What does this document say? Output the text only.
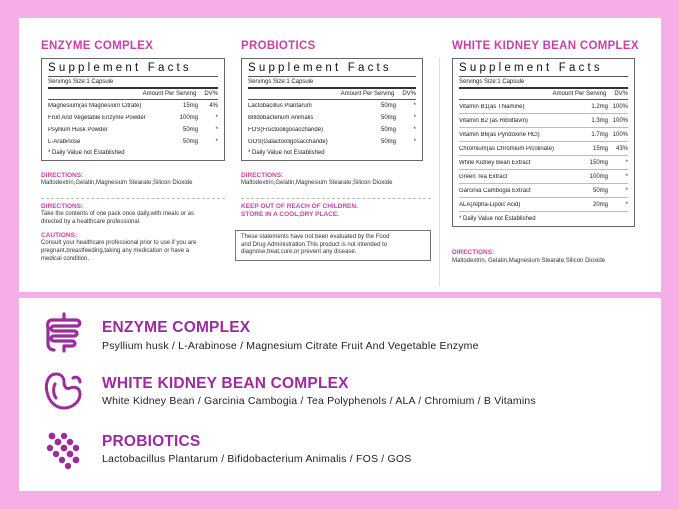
ENZYME COMPLEX
Supplement Facts
Servings Size:1 Capsule
Amount Per Serving DV%
Magnesium(as Magnesium Citrate)	15mg	4%
Fruit And Vegetable Enzyme Powder	100mg	*
Psyllium Husk Powder	50mg	*
L-Arabinose	50mg	*
* Daily Value not Established
DIRECTIONS:
Maltodextrin,Gelatin,Magnesium Stearate,Silicon Dioxide
PROBIOTICS
Supplement Facts
Servings Size:1 Capsule
Amount Per Serving DV%
Lactobacillus Plantarum	50mg	*
Bifidobacterium Animalis	50mg	*
FOS(Fructooligosaccharide)	50mg	*
GOS(Galactooligosaccharide)	50mg	*
* Daily Value not Established
DIRECTIONS:
Maltodextrin,Gelatin,Magnesium Stearate,Silicon Dioxide
DIRECTIONS:
Take the contents of one pack once daily,with meals or as
directed by a healthcare professional.
CAUTIONS:
Consult your healthcare professional prior to use if you are
pregnant,breastfeeding,taking any medication or have a
medical condition.
KEEP OUT OF REACH OF CHILDREN.
STORE IN A COOL,DRY PLACE.
These statements have not been evaluated by the Food
and Drug Administration.This product is not intended to
diagnose,treat,cure,or prevent any disease.
WHITE KIDNEY BEAN COMPLEX
Supplement Facts
Servings Size:1 Capsule
Amount Per Serving DV%
Vitamin B1(as Thiamine)	1.2mg 100%
Vitamin B2 (as Riboflavin)	1.3mg 100%
Vitamin B6(as Pyridoxine HCl)	1.7mg 100%
Chromium(as Chromium Picolinate)	15mg	43%
White Kidney Bean Extract	150mg	*
Green Tea Extract	100mg	*
Garcinia Cambogia Extract	50mg	*
ALA(Alpha-Lipoic Acid)	20mg	*
* Daily Value not Established
DIRECTIONS:
Maltodextrin, Gelatin,Magnesium Stearate,Silicon Dioxide
ENZYME COMPLEX
Psyllium husk / L-Arabinose / Magnesium Citrate Fruit And Vegetable Enzyme
WHITE KIDNEY BEAN COMPLEX
White Kidney Bean / Garcinia Cambogia / Tea Polyphenols / ALA / Chromium / B Vitamins
PROBIOTICS
Lactobacillus Plantarum / Bifidobacterium Animalis / FOS / GOS
